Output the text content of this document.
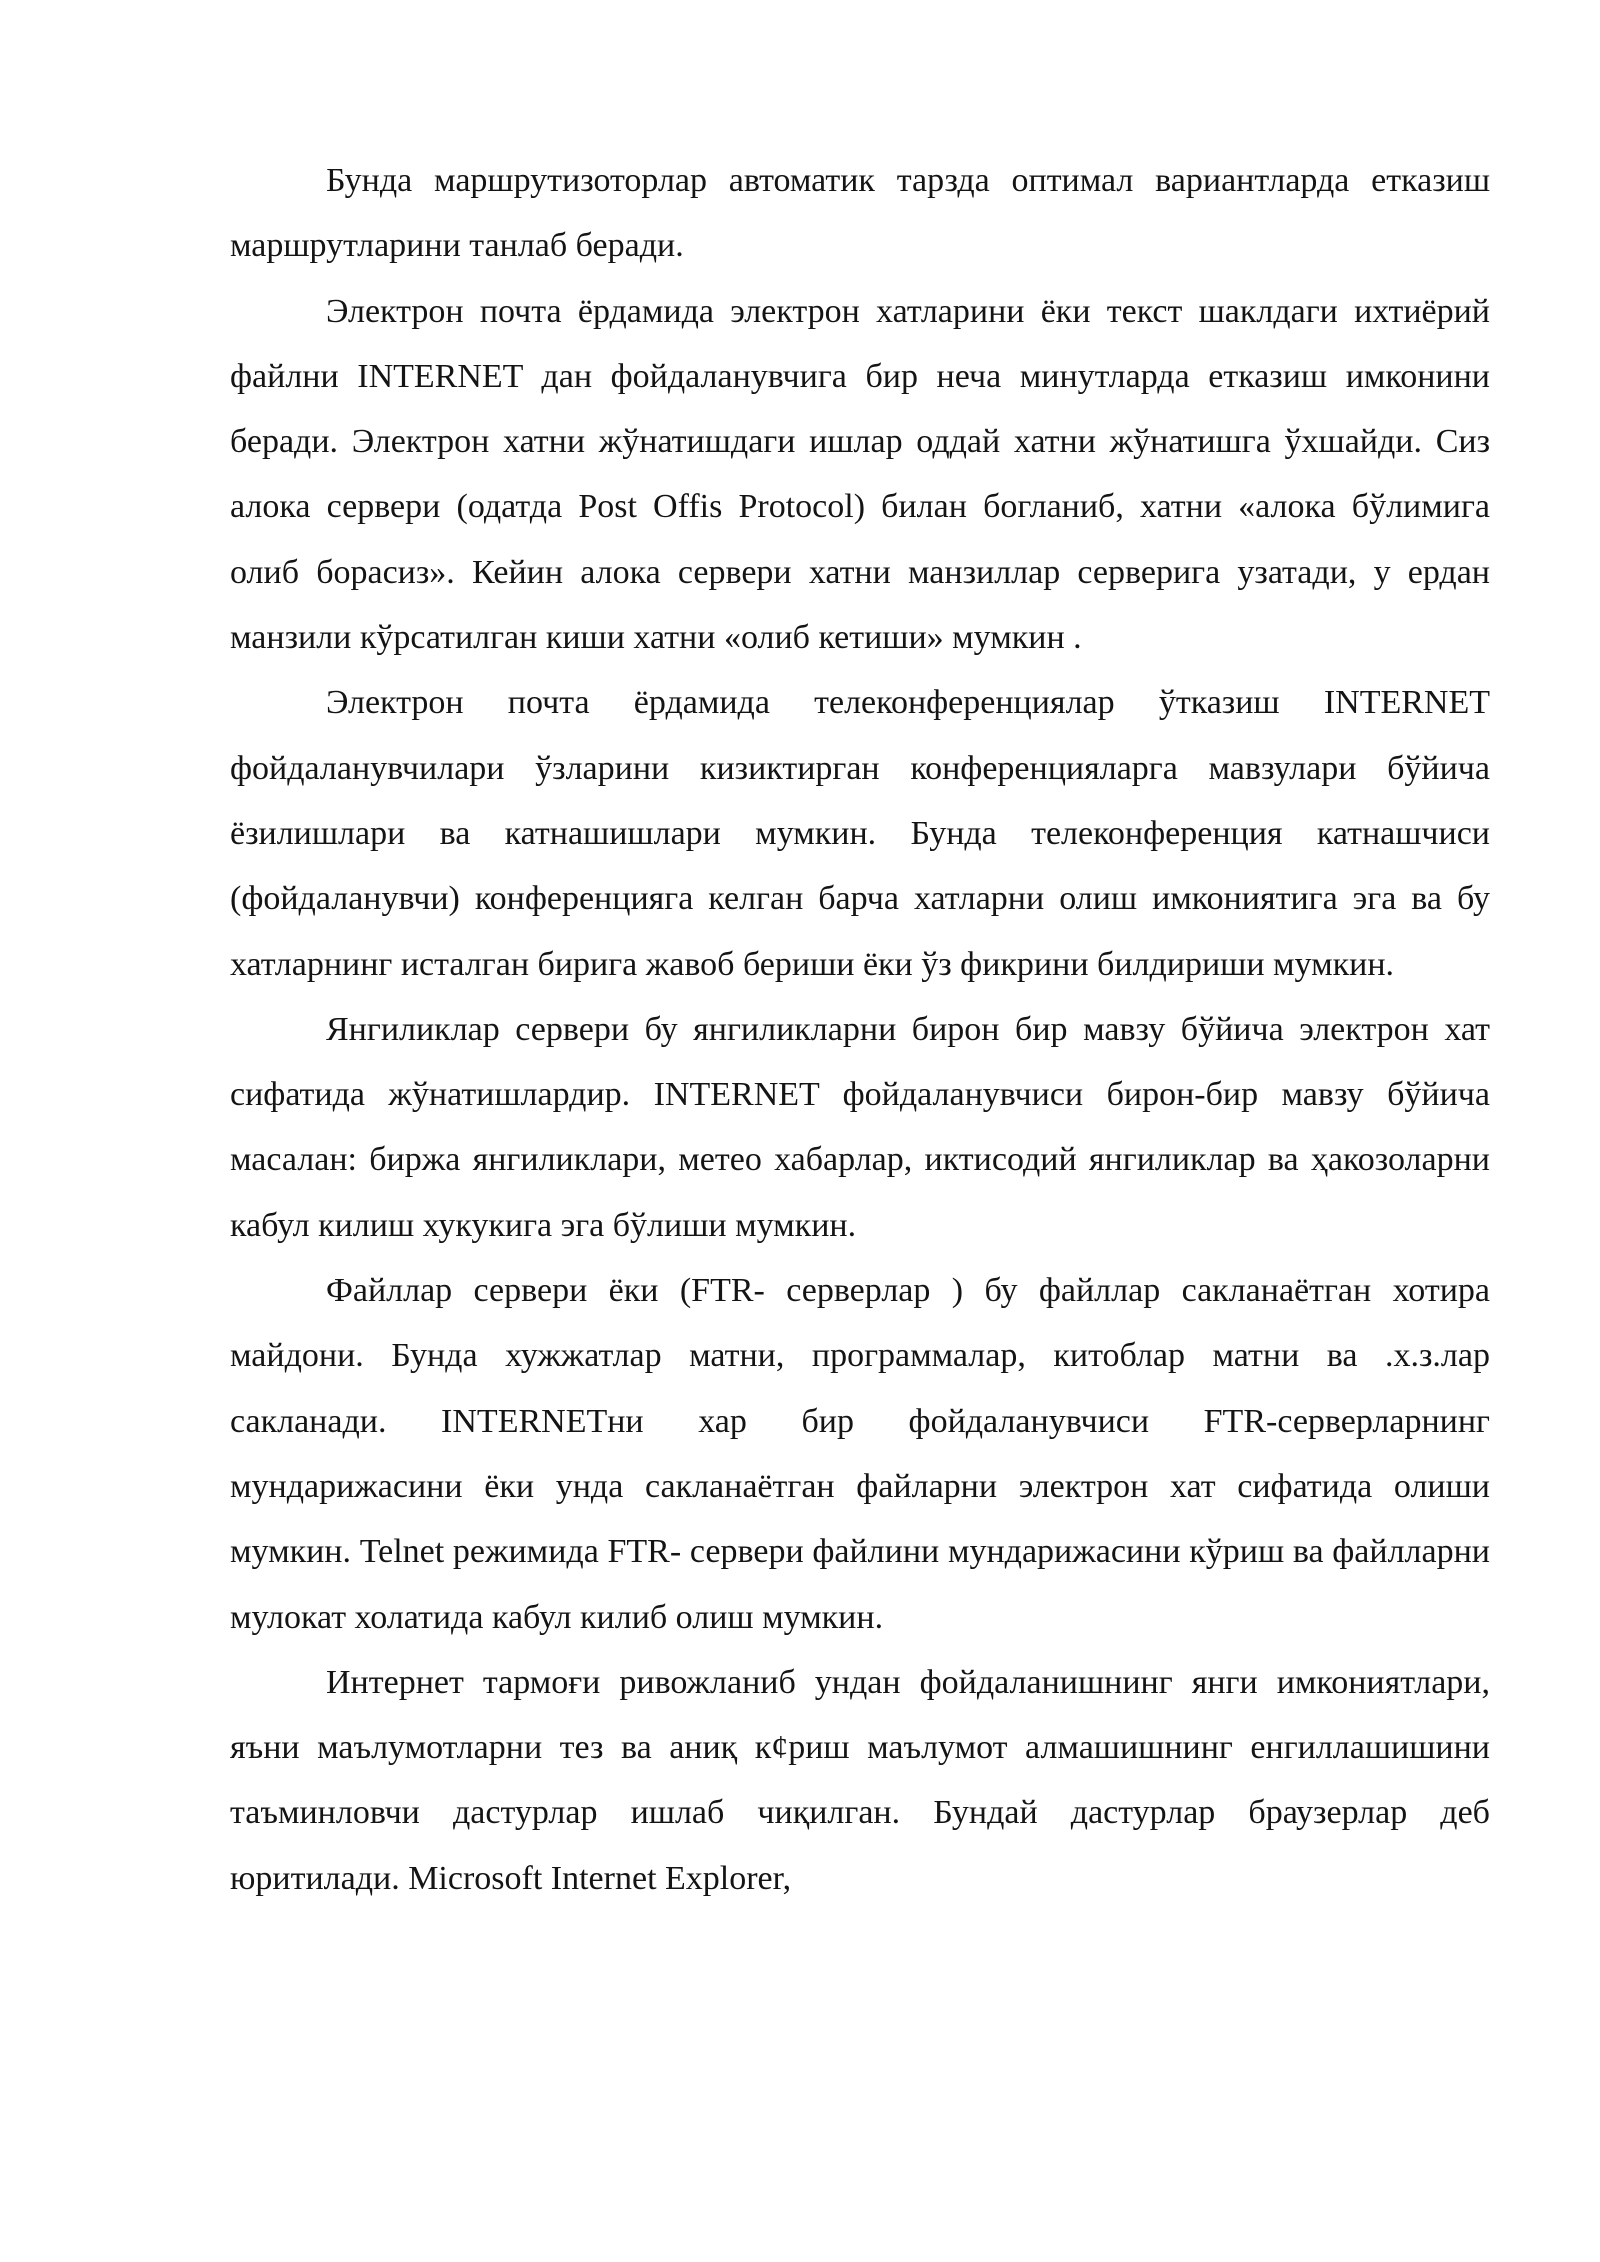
Бунда маршрутизоторлар автоматик тарзда оптимал вариантларда етказиш маршрутларини танлаб беради.

Электрон почта ёрдамида электрон хатларини ёки текст шаклдаги ихтиёрий файлни INTERNET дан фойдаланувчига бир неча минутларда етказиш имконини беради. Электрон хатни жўнатишдаги ишлар оддай хатни жўнатишга ўхшайди. Сиз алока сервери (одатда Post Offis Protocol) билан богланиб, хатни «алока бўлимига олиб борасиз». Кейин алока сервери хатни манзиллар серверига узатади, у ердан манзили кўрсатилган киши хатни «олиб кетиши» мумкин .

Электрон почта ёрдамида телеконференциялар ўтказиш INTERNET фойдаланувчилари ўзларини кизиктирган конференцияларга мавзулари бўйича ёзилишлари ва катнашишлари мумкин. Бунда телеконференция катнашчиси (фойдаланувчи) конференцияга келган барча хатларни олиш имкониятига эга ва бу хатларнинг исталган бирига жавоб бериши ёки ўз фикрини билдириши мумкин.

Янгиликлар сервери бу янгиликларни бирон бир мавзу бўйича электрон хат сифатида жўнатишлардир. INTERNET фойдаланувчиси бирон-бир мавзу бўйича масалан: биржа янгиликлари, метео хабарлар, иктисодий янгиликлар ва ҳакозоларни кабул килиш хукукига эга бўлиши мумкин.

Файллар сервери ёки (FTR- серверлар ) бу файллар сакланаётган хотира майдони. Бунда хужжатлар матни, программалар, китоблар матни ва .х.з.лар сакланади. INTERNETни хар бир фойдаланувчиси FTR-серверларнинг мундарижасини ёки унда сакланаётган файларни электрон хат сифатида олиши мумкин. Telnet режимида FTR- сервери файлини мундарижасини кўриш ва файлларни мулокат холатида кабул килиб олиш мумкин.

Интернет тармоғи ривожланиб ундан фойдаланишнинг янги имкониятлари, яъни маълумотларни тез ва аниқ к¢риш маълумот алмашишнинг енгиллашишини таъминловчи дастурлар ишлаб чиқилган. Бундай дастурлар браузерлар деб юритилади. Microsoft Internet Explorer,
